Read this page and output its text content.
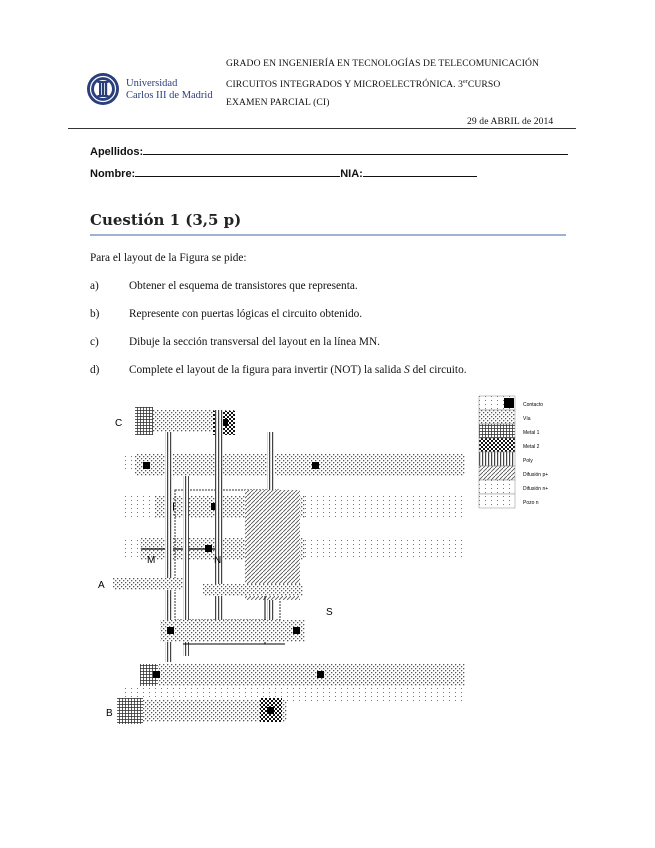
Universidad
Carlos III de Madrid
GRADO EN INGENIERÍA EN TECNOLOGÍAS DE TELECOMUNICACIÓN
CIRCUITOS INTEGRADOS Y MICROELECTRÓNICA. 3erCURSO
EXAMEN PARCIAL (CI)
29 de ABRIL de 2014
Apellidos:
Nombre:	NIA:
Cuestión 1 (3,5 p)
Para el layout de la Figura se pide:
a)	Obtener el esquema de transistores que representa.
b)	Represente con puertas lógicas el circuito obtenido.
c)	Dibuje la sección transversal del layout en la línea MN.
d)	Complete el layout de la figura para invertir (NOT) la salida S del circuito.
C
A
B
M	N
S
Contacto
Vía
Metal 1
Metal 2
Poly
Difusión p+
Difusión n+
Pozo n
